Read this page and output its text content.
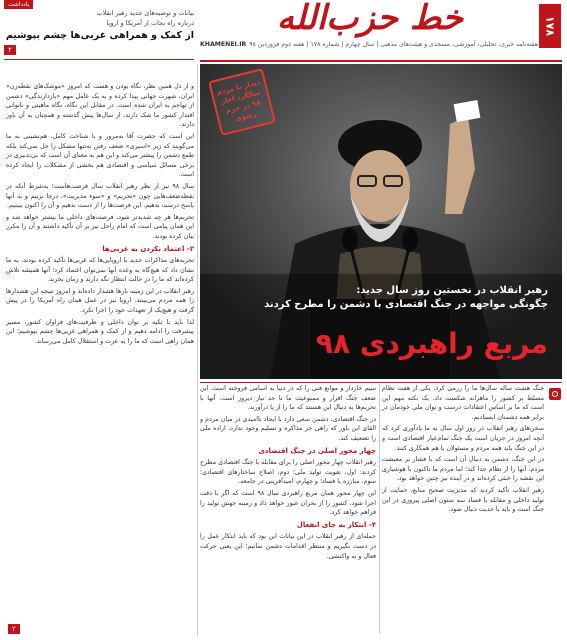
خط حزب‌الله	۱۷۸
هفته‌نامه خبری، تحلیلی، آموزشی، مسجدی و هیئت‌های مذهبی | سال چهارم | شماره ۱۷۸ | هفته دوم فروردین ۹۸
KHAMENEI.IR
یادداشت
بیانات و توصیه‌های جدید رهبر انقلاب
درباره راه نجات از آمریکا و اروپا
از کمک و همراهی غربی‌ها چشم بپوشیم
۲
دیدار با مردم سالگرد آغاز ۹۸ در حرم رضوی
رهبر انقلاب در نخستین روز سال جدید:
چگونگی مواجهه در جنگ اقتصادی با دشمن را مطرح کردند
مربع راهبردی ۹۸

و از دل همین نظر، نگاه بودن و هست که امروز «موشک‌های نقطه‌زن» ایران، شهرت جهانی پیدا کرده و به یک عامل مهم «بازدارندگی» دشمن از تهاجم به ایران شده است. در مقابل این نگاه، نگاه ماهیتی و ناتوانی اقتدار کشور ما شک دارند، از سال‌ها پیش گذشته و همچنان به آن باور دارند.

این است که حضرت آقا به‌مرور و با شناخت کامل، هم‌نشینی به ما می‌گویند که زیر «اسیری» ضعف رفتن نه‌تنها مشکل را حل نمی‌کند بلکه طمع دشمن را بیشتر می‌کند و این هم به معنای آن است که بی‌تدبیری در برخی مسائل سیاسی و اقتصادی هم بخشی از مشکلات را ایجاد کرده است.

سال ۹۸ نیز از نظر رهبر انقلاب سال فرصت‌هاست؛ به‌شرط آنکه در نقطه‌ضعف‌هایی چون «تحریم» و «سوء مدیریت»، درجا نزنیم و به آنها پاسخ درست بدهیم. این فرصت‌ها را از دست ندهیم و آن را اکنون ببینیم.

تحریم‌ها هر چه شدیدتر شود، فرصت‌های داخلی ما بیشتر خواهد شد و این همان پیامی است که امام راحل نیز بر آن تأکید داشتند و آن را مکرر بیان کرده بودند.

۲- اعتماد نکردن به غربی‌ها

تجربه‌های مذاکرات جدید با اروپایی‌ها که غربی‌ها تأکید کرده بودند، به ما نشان داد که هیچ‌گاه به وعده آنها نمی‌توان اعتماد کرد؛ آنها همیشه تلاش کرده‌اند که ما را در حالت انتظار نگه دارند و زمان بخرند.

رهبر انقلاب در این زمینه بارها هشدار داده‌اند و امروز نتیجه این هشدارها را همه مردم می‌بینند. اروپا نیز در عمل همان راه آمریکا را در پیش گرفت و هیچ‌یک از تعهدات خود را اجرا نکرد.

لذا باید با تکیه بر توان داخلی و ظرفیت‌های فراوان کشور، مسیر پیشرفت را ادامه دهیم و از کمک و همراهی غربی‌ها چشم بپوشیم؛ این همان راهی است که ما را به عزت و استقلال کامل می‌رساند.

۲

جنگ هشت ساله سال‌ها ما را رزمی کرد، یکی از هفت نظام مسلط بر کشور را ماهرانه شکست داد. یک نکته مهم این است که ما بر اساس اعتقادات درست و توان ملی خودمان در برابر همه دشمنان ایستادیم.

سخن‌های رهبر انقلاب در روز اول سال به ما یادآوری کرد که آنچه امروز در جریان است یک جنگ تمام‌عیار اقتصادی است و در این جنگ باید همه مردم و مسئولان با هم همکاری کنند.

در این جنگ، دشمن به دنبال آن است که با فشار بر معیشت مردم، آنها را از نظام جدا کند؛ اما مردم ما تاکنون با هوشیاری این نقشه را خنثی کرده‌اند و در آینده نیز چنین خواهد بود.

رهبر انقلاب تأکید کردند که مدیریت صحیح منابع، حمایت از تولید داخلی و مقابله با فساد سه ستون اصلی پیروزی در این جنگ است و باید با جدیت دنبال شود.

سیم خاردار و موانع فنی را که در دنیا به اسامی فروخته است، این ضعف جنگ افزار و ممنوعیت ما تا حد نیاز دیروز است. آنها با تحریم‌ها به دنبال این هستند که ما را از پا درآورند.

در جنگ اقتصادی، دشمن سعی دارد با ایجاد ناامیدی در میان مردم و القای این باور که راهی جز مذاکره و تسلیم وجود ندارد، اراده ملی را تضعیف کند.

چهار محور اصلی در جنگ اقتصادی

رهبر انقلاب چهار محور اصلی را برای مقابله با جنگ اقتصادی مطرح کردند: اول، تقویت تولید ملی؛ دوم، اصلاح ساختارهای اقتصادی؛ سوم، مبارزه با فساد؛ و چهارم، امیدآفرینی در جامعه.

این چهار محور همان مربع راهبردی سال ۹۸ است که اگر با دقت اجرا شود، کشور را از بحران عبور خواهد داد و زمینه جهش تولید را فراهم خواهد کرد.

۴- ابتکار به جای انفعال

جمله‌ای از رهبر انقلاب در این بیانات این بود که باید ابتکار عمل را در دست بگیریم و منتظر اقدامات دشمن نمانیم؛ این یعنی حرکت فعال و نه واکنشی.
